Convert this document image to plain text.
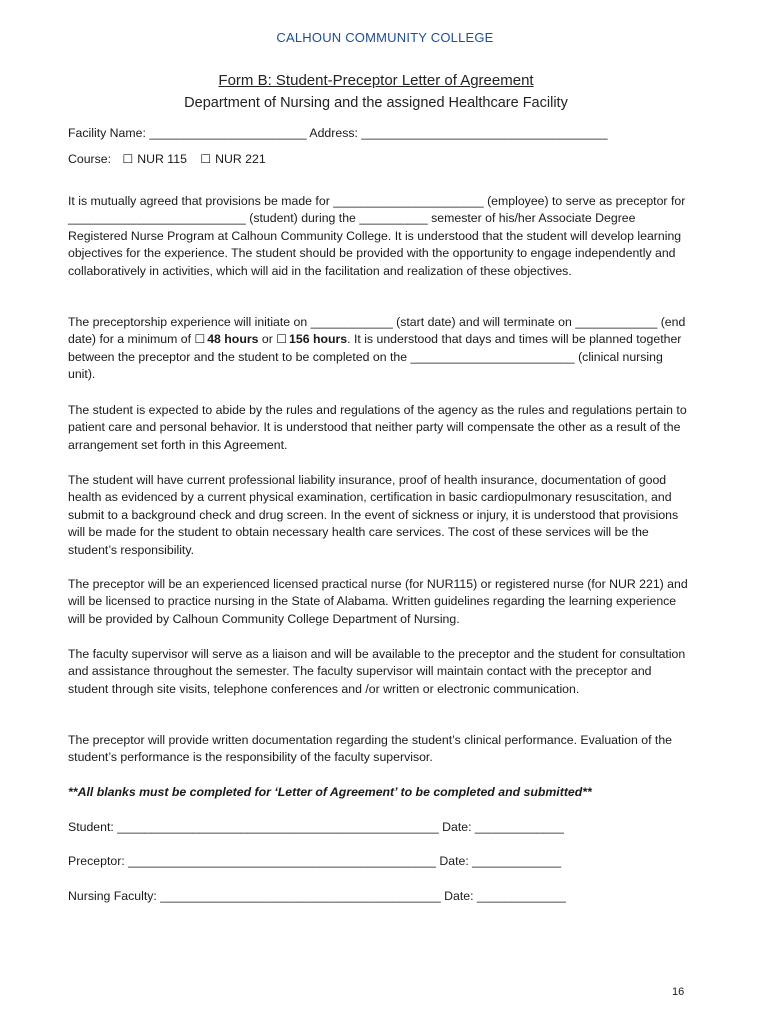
CALHOUN COMMUNITY COLLEGE
Form B: Student-Preceptor Letter of Agreement
Department of Nursing and the assigned Healthcare Facility
Facility Name: _______________________ Address: ____________________________________
Course: ☐ NUR 115 ☐ NUR 221

It is mutually agreed that provisions be made for ______________________ (employee) to serve as preceptor for __________________________ (student) during the __________ semester of his/her Associate Degree Registered Nurse Program at Calhoun Community College. It is understood that the student will develop learning objectives for the experience. The student should be provided with the opportunity to engage independently and collaboratively in activities, which will aid in the facilitation and realization of these objectives.

The preceptorship experience will initiate on ____________ (start date) and will terminate on ____________ (end date) for a minimum of ☐ 48 hours or ☐ 156 hours. It is understood that days and times will be planned together between the preceptor and the student to be completed on the ________________________ (clinical nursing unit).

The student is expected to abide by the rules and regulations of the agency as the rules and regulations pertain to patient care and personal behavior. It is understood that neither party will compensate the other as a result of the arrangement set forth in this Agreement.

The student will have current professional liability insurance, proof of health insurance, documentation of good health as evidenced by a current physical examination, certification in basic cardiopulmonary resuscitation, and submit to a background check and drug screen. In the event of sickness or injury, it is understood that provisions will be made for the student to obtain necessary health care services. The cost of these services will be the student’s responsibility.

The preceptor will be an experienced licensed practical nurse (for NUR115) or registered nurse (for NUR 221) and will be licensed to practice nursing in the State of Alabama. Written guidelines regarding the learning experience will be provided by Calhoun Community College Department of Nursing.

The faculty supervisor will serve as a liaison and will be available to the preceptor and the student for consultation and assistance throughout the semester. The faculty supervisor will maintain contact with the preceptor and student through site visits, telephone conferences and /or written or electronic communication.

The preceptor will provide written documentation regarding the student’s clinical performance. Evaluation of the student’s performance is the responsibility of the faculty supervisor.

**All blanks must be completed for ‘Letter of Agreement’ to be completed and submitted**
Student: _______________________________________________ Date: _____________
Preceptor: _____________________________________________ Date: _____________
Nursing Faculty: _________________________________________ Date: _____________
16
